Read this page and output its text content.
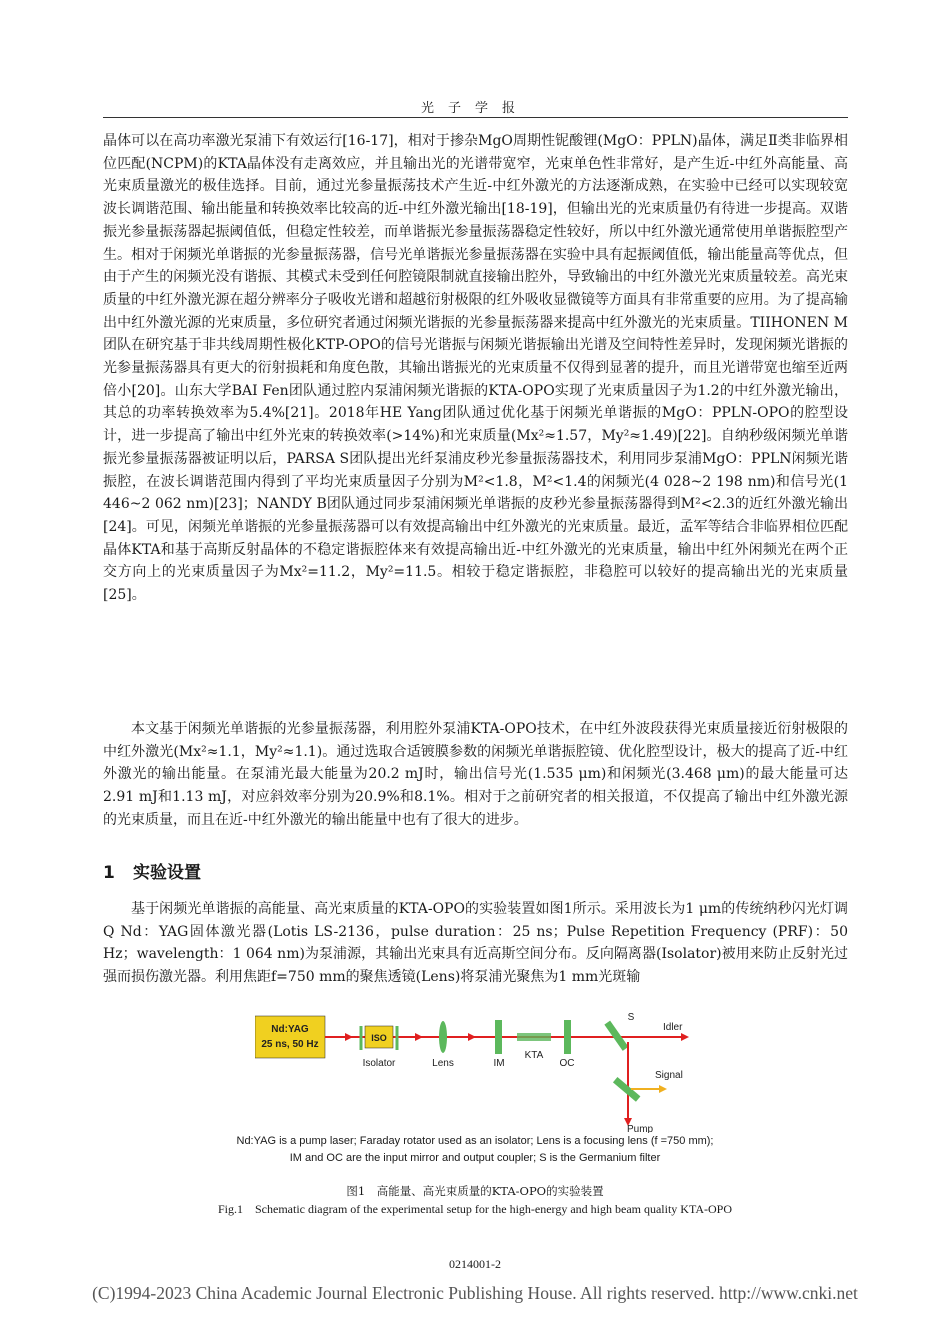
光子学报

晶体可以在高功率激光泵浦下有效运行[16-17]，相对于掺杂MgO周期性铌酸锂(MgO：PPLN)晶体，满足Ⅱ类非临界相位匹配(NCPM)的KTA晶体没有走离效应，并且输出光的光谱带宽窄，光束单色性非常好，是产生近-中红外高能量、高光束质量激光的极佳选择。目前，通过光参量振荡技术产生近-中红外激光的方法逐渐成熟，在实验中已经可以实现较宽波长调谐范围、输出能量和转换效率比较高的近-中红外激光输出[18-19]，但输出光的光束质量仍有待进一步提高。双谐振光参量振荡器起振阈值低，但稳定性较差，而单谐振光参量振荡器稳定性较好，所以中红外激光通常使用单谐振腔型产生。相对于闲频光单谐振的光参量振荡器，信号光单谐振光参量振荡器在实验中具有起振阈值低，输出能量高等优点，但由于产生的闲频光没有谐振、其模式未受到任何腔镜限制就直接输出腔外，导致输出的中红外激光光束质量较差。高光束质量的中红外激光源在超分辨率分子吸收光谱和超越衍射极限的红外吸收显微镜等方面具有非常重要的应用。为了提高输出中红外激光源的光束质量，多位研究者通过闲频光谐振的光参量振荡器来提高中红外激光的光束质量。TIIHONEN M团队在研究基于非共线周期性极化KTP-OPO的信号光谐振与闲频光谐振输出光谱及空间特性差异时，发现闲频光谐振的光参量振荡器具有更大的衍射损耗和角度色散，其输出谐振光的光束质量不仅得到显著的提升，而且光谱带宽也缩至近两倍小[20]。山东大学BAI Fen团队通过腔内泵浦闲频光谐振的KTA-OPO实现了光束质量因子为1.2的中红外激光输出，其总的功率转换效率为5.4%[21]。2018年HE Yang团队通过优化基于闲频光单谐振的MgO：PPLN-OPO的腔型设计，进一步提高了输出中红外光束的转换效率(>14%)和光束质量(Mx²≈1.57，My²≈1.49)[22]。自纳秒级闲频光单谐振光参量振荡器被证明以后，PARSA S团队提出光纤泵浦皮秒光参量振荡器技术，利用同步泵浦MgO：PPLN闲频光谐振腔，在波长调谐范围内得到了平均光束质量因子分别为M²<1.8，M²<1.4的闲频光(4 028~2 198 nm)和信号光(1 446~2 062 nm)[23]；NANDY B团队通过同步泵浦闲频光单谐振的皮秒光参量振荡器得到M²<2.3的近红外激光输出[24]。可见，闲频光单谐振的光参量振荡器可以有效提高输出中红外激光的光束质量。最近，孟军等结合非临界相位匹配晶体KTA和基于高斯反射晶体的不稳定谐振腔体来有效提高输出近-中红外激光的光束质量，输出中红外闲频光在两个正交方向上的光束质量因子为Mx²=11.2，My²=11.5。相较于稳定谐振腔，非稳腔可以较好的提高输出光的光束质量[25]。

本文基于闲频光单谐振的光参量振荡器，利用腔外泵浦KTA-OPO技术，在中红外波段获得光束质量接近衍射极限的中红外激光(Mx²≈1.1，My²≈1.1)。通过选取合适镀膜参数的闲频光单谐振腔镜、优化腔型设计，极大的提高了近-中红外激光的输出能量。在泵浦光最大能量为20.2 mJ时，输出信号光(1.535 μm)和闲频光(3.468 μm)的最大能量可达2.91 mJ和1.13 mJ，对应斜效率分别为20.9%和8.1%。相对于之前研究者的相关报道，不仅提高了输出中红外激光源的光束质量，而且在近-中红外激光的输出能量中也有了很大的进步。

1 实验设置

基于闲频光单谐振的高能量、高光束质量的KTA-OPO的实验装置如图1所示。采用波长为1 μm的传统纳秒闪光灯调Q Nd：YAG固体激光器(Lotis LS-2136，pulse duration：25 ns；Pulse Repetition Frequency (PRF)：50 Hz；wavelength：1 064 nm)为泵浦源，其输出光束具有近高斯空间分布。反向隔离器(Isolator)被用来防止反射光过强而损伤激光器。利用焦距f=750 mm的聚焦透镜(Lens)将泵浦光聚焦为1 mm光斑输

Nd:YAG
25 ns, 50 Hz
ISO
KTA
S
Idler
Signal
Pump
Isolator	Lens	IM	OC
Nd:YAG is a pump laser; Faraday rotator used as an isolator; Lens is a focusing lens (f =750 mm);
IM and OC are the input mirror and output coupler; S is the Germanium filter
图1　高能量、高光束质量的KTA-OPO的实验装置
Fig.1　Schematic diagram of the experimental setup for the high-energy and high beam quality KTA-OPO
0214001-2
(C)1994-2023 China Academic Journal Electronic Publishing House. All rights reserved. http://www.cnki.net
